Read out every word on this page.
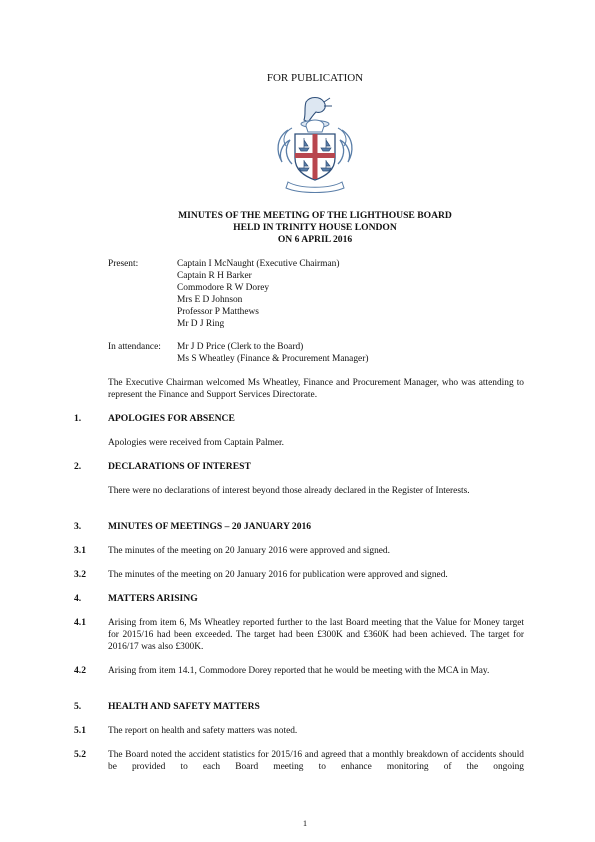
FOR PUBLICATION
MINUTES OF THE MEETING OF THE LIGHTHOUSE BOARD
HELD IN TRINITY HOUSE LONDON
ON 6 APRIL 2016
Present:	Captain I McNaught (Executive Chairman)
Captain R H Barker
Commodore R W Dorey
Mrs E D Johnson
Professor P Matthews
Mr D J Ring
In attendance: Mr J D Price (Clerk to the Board)
Ms S Wheatley (Finance & Procurement Manager)
The Executive Chairman welcomed Ms Wheatley, Finance and Procurement Manager, who was attending to represent the Finance and Support Services Directorate.
1.	APOLOGIES FOR ABSENCE
Apologies were received from Captain Palmer.
2.	DECLARATIONS OF INTEREST
There were no declarations of interest beyond those already declared in the Register of Interests.
3.	MINUTES OF MEETINGS – 20 JANUARY 2016
3.1 The minutes of the meeting on 20 January 2016 were approved and signed.
3.2 The minutes of the meeting on 20 January 2016 for publication were approved and signed.
4.	MATTERS ARISING
4.1 Arising from item 6, Ms Wheatley reported further to the last Board meeting that the Value for Money target for 2015/16 had been exceeded. The target had been £300K and £360K had been achieved. The target for 2016/17 was also £300K.
4.2 Arising from item 14.1, Commodore Dorey reported that he would be meeting with the MCA in May.
5.	HEALTH AND SAFETY MATTERS
5.1 The report on health and safety matters was noted.
5.2 The Board noted the accident statistics for 2015/16 and agreed that a monthly breakdown of accidents should be provided to each Board meeting to enhance monitoring of the ongoing
1
